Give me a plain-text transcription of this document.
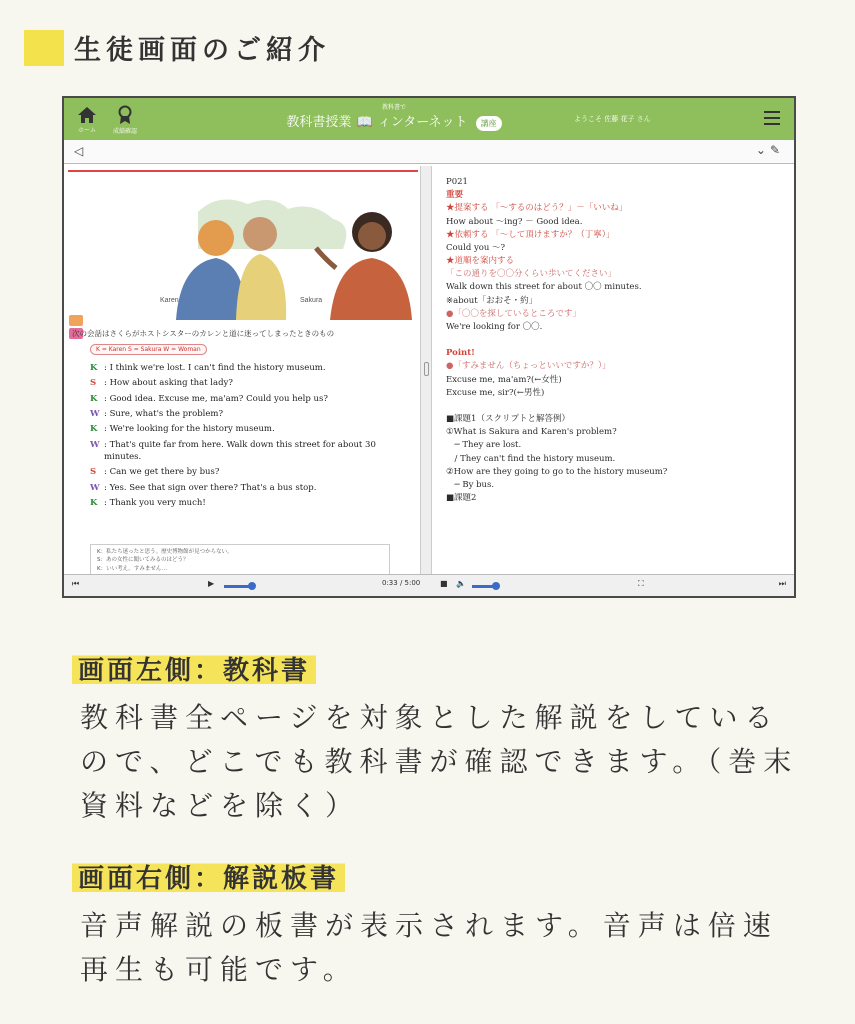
生徒画面のご紹介
ホーム	成績確認
教科書で
教科書授業 📖 ィンターネット 講座	ようこそ 佐藤 花子 さん
◁	⌄ ✎
Karen	Sakura
次の会話はさくらがホストシスターのカレンと道に迷ってしまったときのもの
K = Karen S = Sakura W = Woman
K : I think we're lost. I can't find the history museum.
S : How about asking that lady?
K : Good idea. Excuse me, ma'am? Could you help us?
W : Sure, what's the problem?
K : We're looking for the history museum.
W : That's quite far from here. Walk down this street for about 30 minutes.
S : Can we get there by bus?
W : Yes. See that sign over there? That's a bus stop.
K : Thank you very much!
K：私たち迷ったと思う。歴史博物館が見つからない。
S：あの女性に聞いてみるのはどう？
K：いい考え。すみません…
P021
重要
★提案する 「～するのはどう？」－「いいね」
How about ～ing? － Good idea.
★依頼する 「～して頂けますか？（丁寧）」
Could you ～?
★道順を案内する
「この通りを〇〇分くらい歩いてください」
Walk down this street for about 〇〇 minutes.
※about「おおそ・約」
●「〇〇を探しているところです」
We're looking for 〇〇.

Point!
●「すみません（ちょっといいですか？）」
Excuse me, ma'am?(←女性)
Excuse me, sir?(←男性)

■課題1（スクリプトと解答例）
①What is Sakura and Karen's problem?
　─ They are lost.
　/ They can't find the history museum.
②How are they going to go to the history museum?
　─ By bus.
■課題2
⏮	▶	0:33 / 5:00 ■ 🔈	⛶	⏭
画面左側：教科書
教科書全ページを対象とした解説をしているので、どこでも教科書が確認できます。（巻末資料などを除く）
画面右側：解説板書
音声解説の板書が表示されます。音声は倍速再生も可能です。
